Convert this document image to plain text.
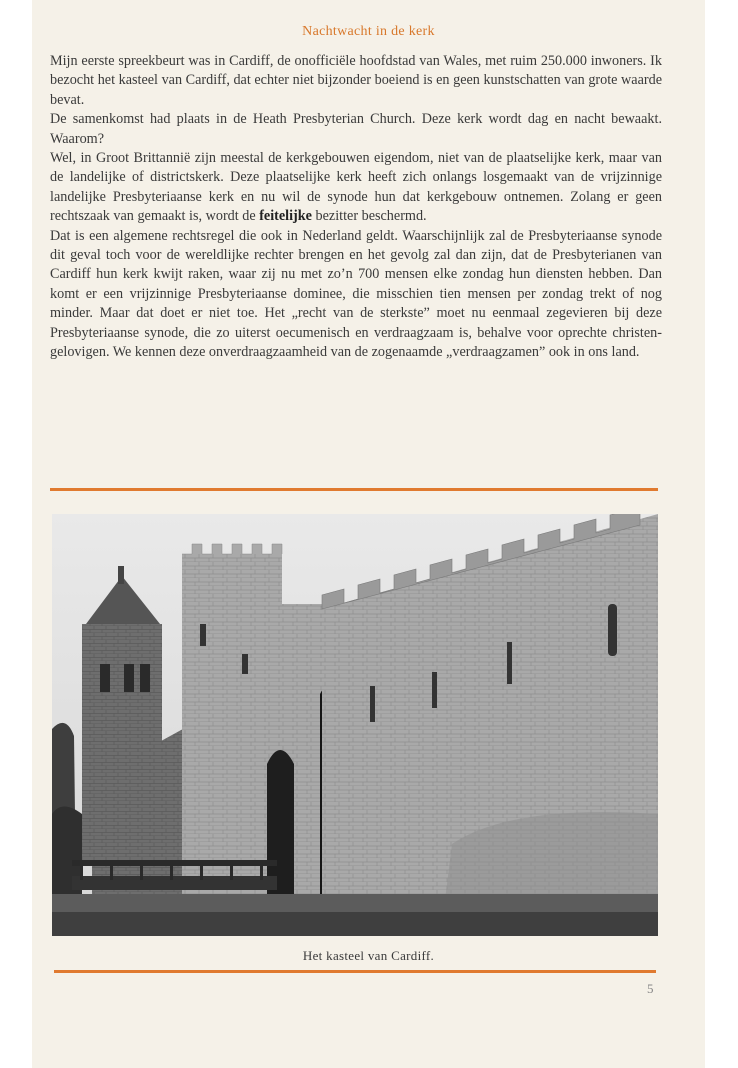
Nachtwacht in de kerk

Mijn eerste spreekbeurt was in Cardiff, de onofficiële hoofdstad van Wales, met ruim 250.000 inwoners. Ik bezocht het kasteel van Cardiff, dat echter niet bijzonder boeiend is en geen kunstschatten van grote waarde bevat.

De samenkomst had plaats in de Heath Presbyterian Church. Deze kerk wordt dag en nacht bewaakt. Waarom?

Wel, in Groot Brittannië zijn meestal de kerkgebouwen eigendom, niet van de plaatselijke kerk, maar van de landelijke of districtskerk. Deze plaatselijke kerk heeft zich onlangs losgemaakt van de vrijzinnige landelijke Presbyteriaanse kerk en nu wil de synode hun dat kerkgebouw ontnemen. Zolang er geen rechtszaak van gemaakt is, wordt de feitelijke bezitter beschermd.

Dat is een algemene rechtsregel die ook in Nederland geldt. Waarschijnlijk zal de Presbyteriaanse synode dit geval toch voor de wereldlijke rechter brengen en het gevolg zal dan zijn, dat de Presbyterianen van Cardiff hun kerk kwijt raken, waar zij nu met zo’n 700 mensen elke zondag hun diensten hebben. Dan komt er een vrijzinnige Presbyteriaanse dominee, die misschien tien mensen per zondag trekt of nog minder. Maar dat doet er niet toe. Het „recht van de sterkste” moet nu eenmaal zegevieren bij deze Presbyteriaanse synode, die zo uiterst oecumenisch en verdraagzaam is, behalve voor oprechte christen-gelovigen. We kennen deze onverdraagzaamheid van de zogenaamde „verdraagzamen” ook in ons land.

Het kasteel van Cardiff.
5
